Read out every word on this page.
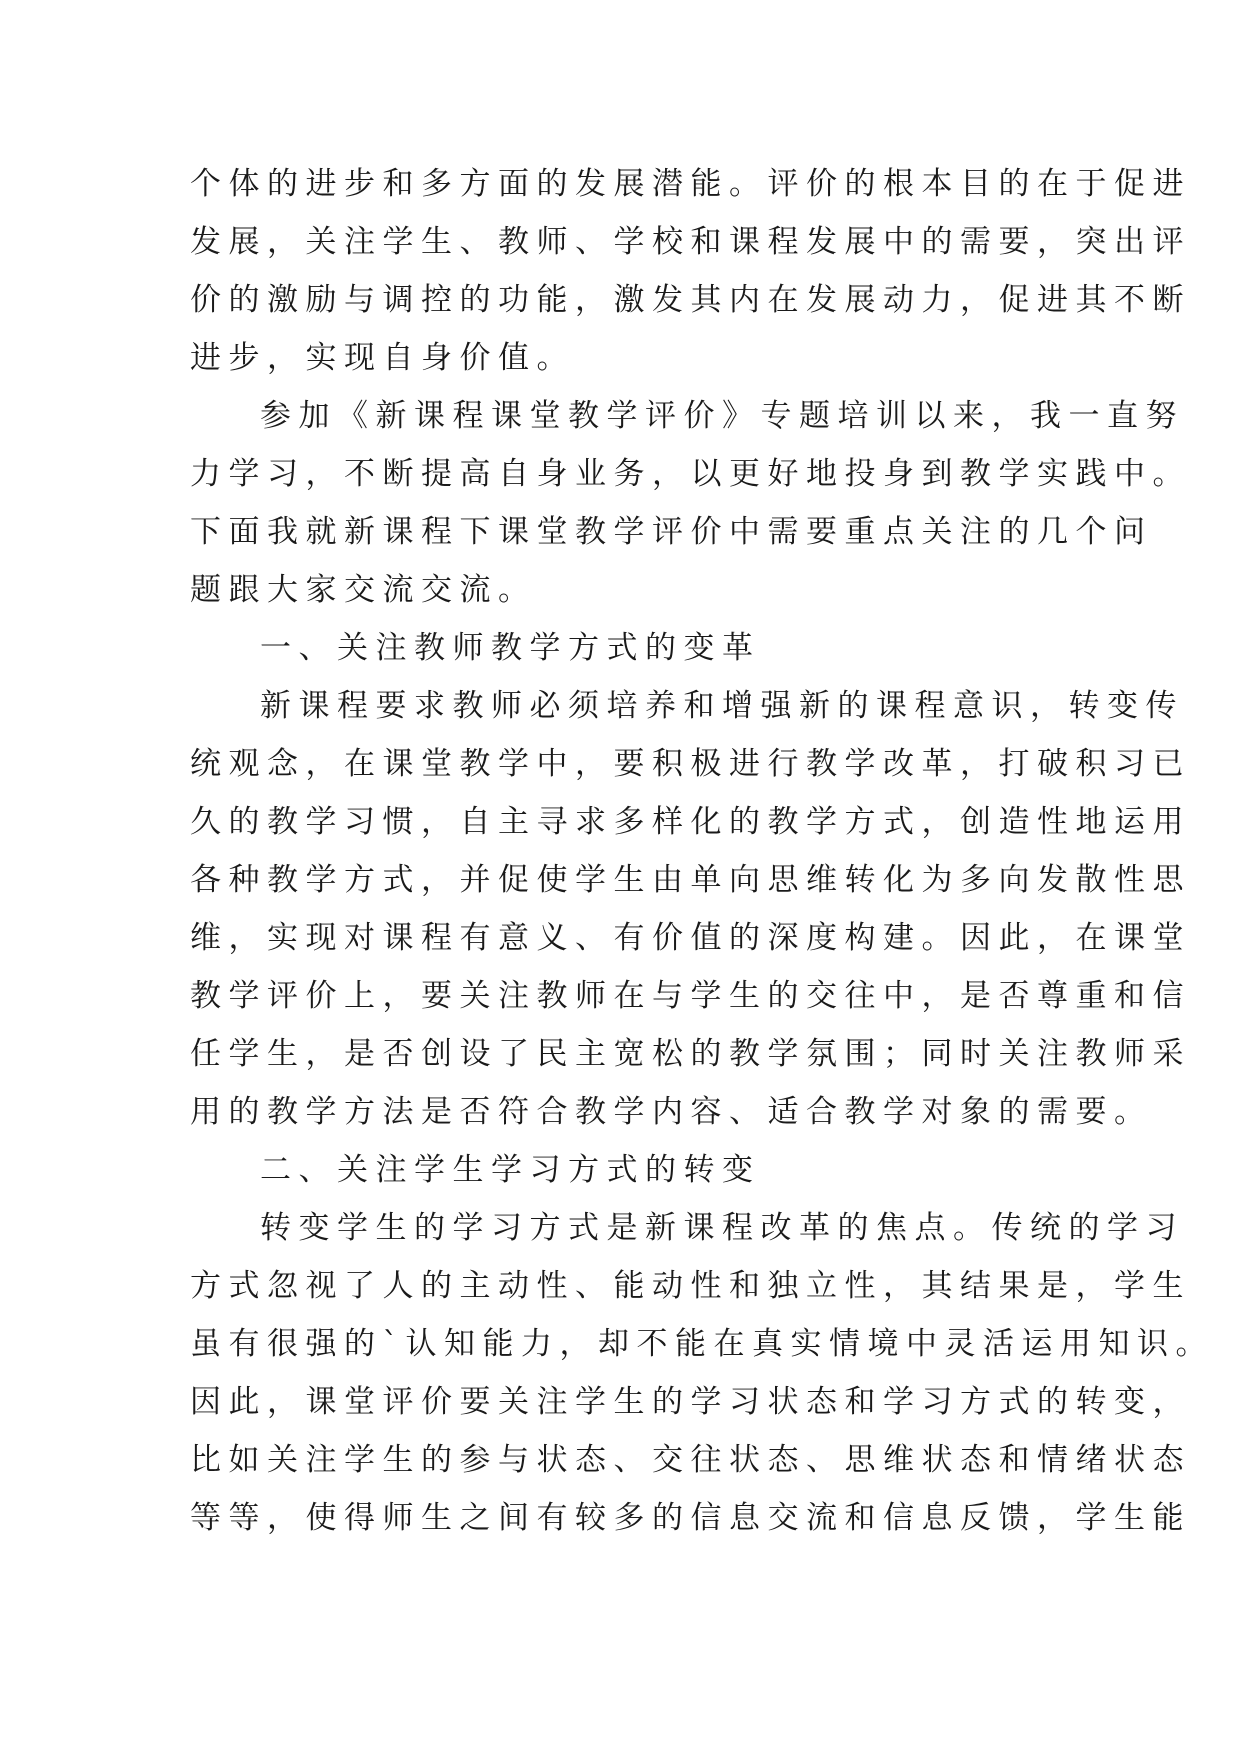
个体的进步和多方面的发展潜能。评价的根本目的在于促进
发展，关注学生、教师、学校和课程发展中的需要，突出评
价的激励与调控的功能，激发其内在发展动力，促进其不断
进步，实现自身价值。
参加《新课程课堂教学评价》专题培训以来，我一直努
力学习，不断提高自身业务，以更好地投身到教学实践中。
下面我就新课程下课堂教学评价中需要重点关注的几个问
题跟大家交流交流。
一、关注教师教学方式的变革
新课程要求教师必须培养和增强新的课程意识，转变传
统观念，在课堂教学中，要积极进行教学改革，打破积习已
久的教学习惯，自主寻求多样化的教学方式，创造性地运用
各种教学方式，并促使学生由单向思维转化为多向发散性思
维，实现对课程有意义、有价值的深度构建。因此，在课堂
教学评价上，要关注教师在与学生的交往中，是否尊重和信
任学生，是否创设了民主宽松的教学氛围；同时关注教师采
用的教学方法是否符合教学内容、适合教学对象的需要。
二、关注学生学习方式的转变
转变学生的学习方式是新课程改革的焦点。传统的学习
方式忽视了人的主动性、能动性和独立性，其结果是，学生
虽有很强的`认知能力，却不能在真实情境中灵活运用知识。
因此，课堂评价要关注学生的学习状态和学习方式的转变，
比如关注学生的参与状态、交往状态、思维状态和情绪状态
等等，使得师生之间有较多的信息交流和信息反馈，学生能
